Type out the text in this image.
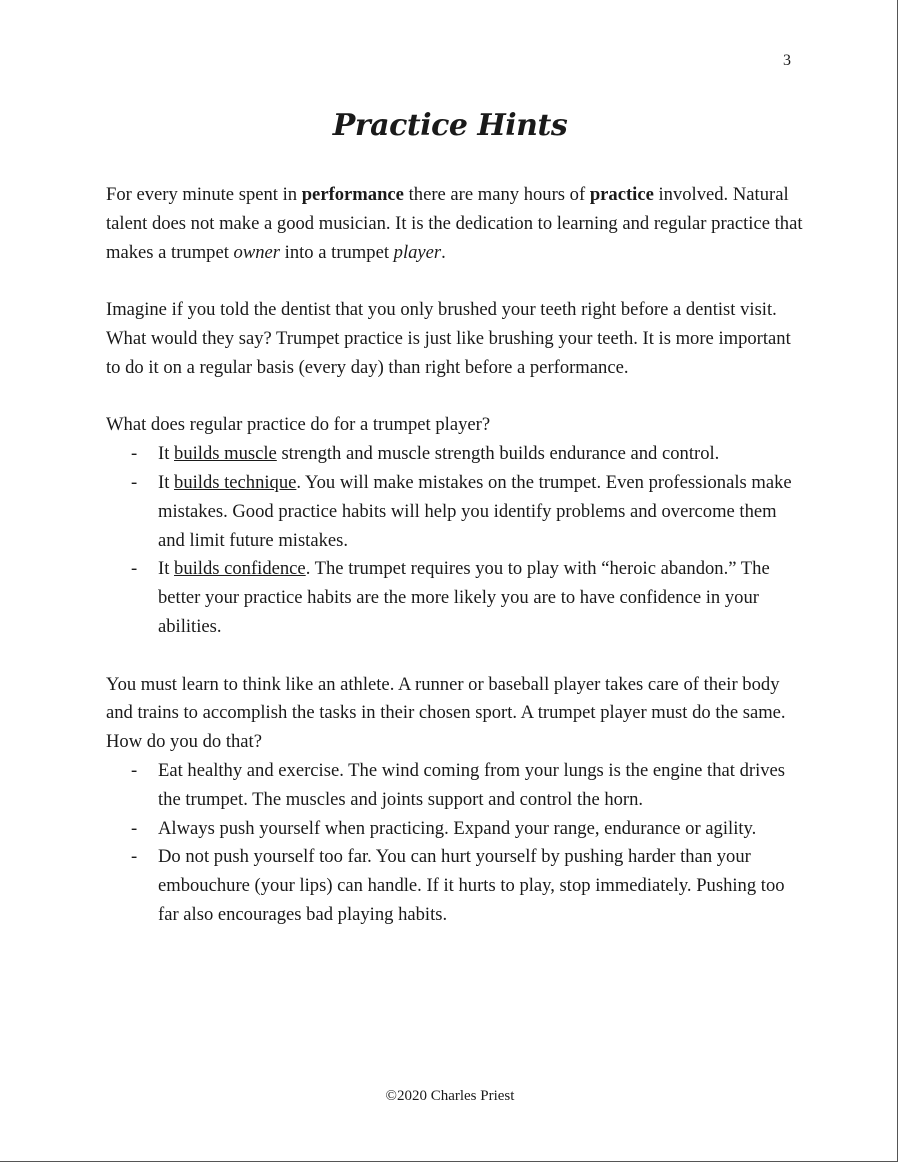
3
Practice Hints

For every minute spent in performance there are many hours of practice involved. Natural talent does not make a good musician. It is the dedication to learning and regular practice that makes a trumpet owner into a trumpet player.

Imagine if you told the dentist that you only brushed your teeth right before a dentist visit. What would they say? Trumpet practice is just like brushing your teeth. It is more important to do it on a regular basis (every day) than right before a performance.

What does regular practice do for a trumpet player?

- It builds muscle strength and muscle strength builds endurance and control.
- It builds technique. You will make mistakes on the trumpet. Even professionals make mistakes. Good practice habits will help you identify problems and overcome them and limit future mistakes.
- It builds confidence. The trumpet requires you to play with “heroic abandon.” The better your practice habits are the more likely you are to have confidence in your abilities.

You must learn to think like an athlete. A runner or baseball player takes care of their body and trains to accomplish the tasks in their chosen sport. A trumpet player must do the same. How do you do that?

- Eat healthy and exercise. The wind coming from your lungs is the engine that drives the trumpet. The muscles and joints support and control the horn.
- Always push yourself when practicing. Expand your range, endurance or agility.
- Do not push yourself too far. You can hurt yourself by pushing harder than your embouchure (your lips) can handle. If it hurts to play, stop immediately. Pushing too far also encourages bad playing habits.
©2020 Charles Priest
